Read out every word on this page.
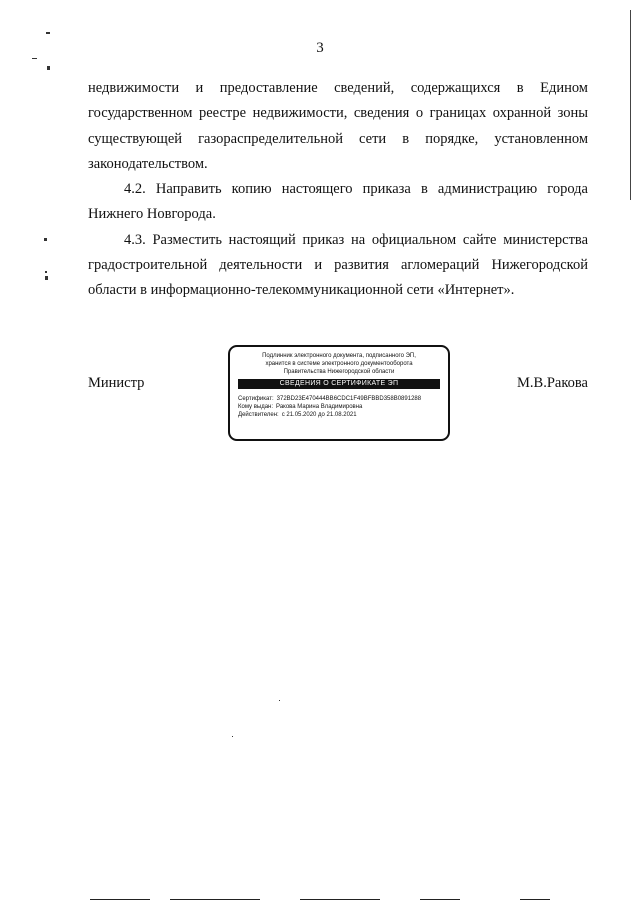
3

недвижимости и предоставление сведений, содержащихся в Едином государственном реестре недвижимости, сведения о границах охранной зоны существующей газораспределительной сети в порядке, установленном законодательством.

4.2. Направить копию настоящего приказа в администрацию города Нижнего Новгорода.

4.3. Разместить настоящий приказ на официальном сайте министерства градостроительной деятельности и развития агломераций Нижегородской области в информационно-телекоммуникационной сети «Интернет».

Министр	М.В.Ракова
Подлинник электронного документа, подписанного ЭП,
хранится в системе электронного документооборота
Правительства Нижегородской области
СВЕДЕНИЯ О СЕРТИФИКАТЕ ЭП
Сертификат: 372BD23E470444BB6CDC1F49BFBBD358B0891288
Кому выдан: Ракова Марина Владимировна
Действителен: с 21.05.2020 до 21.08.2021
